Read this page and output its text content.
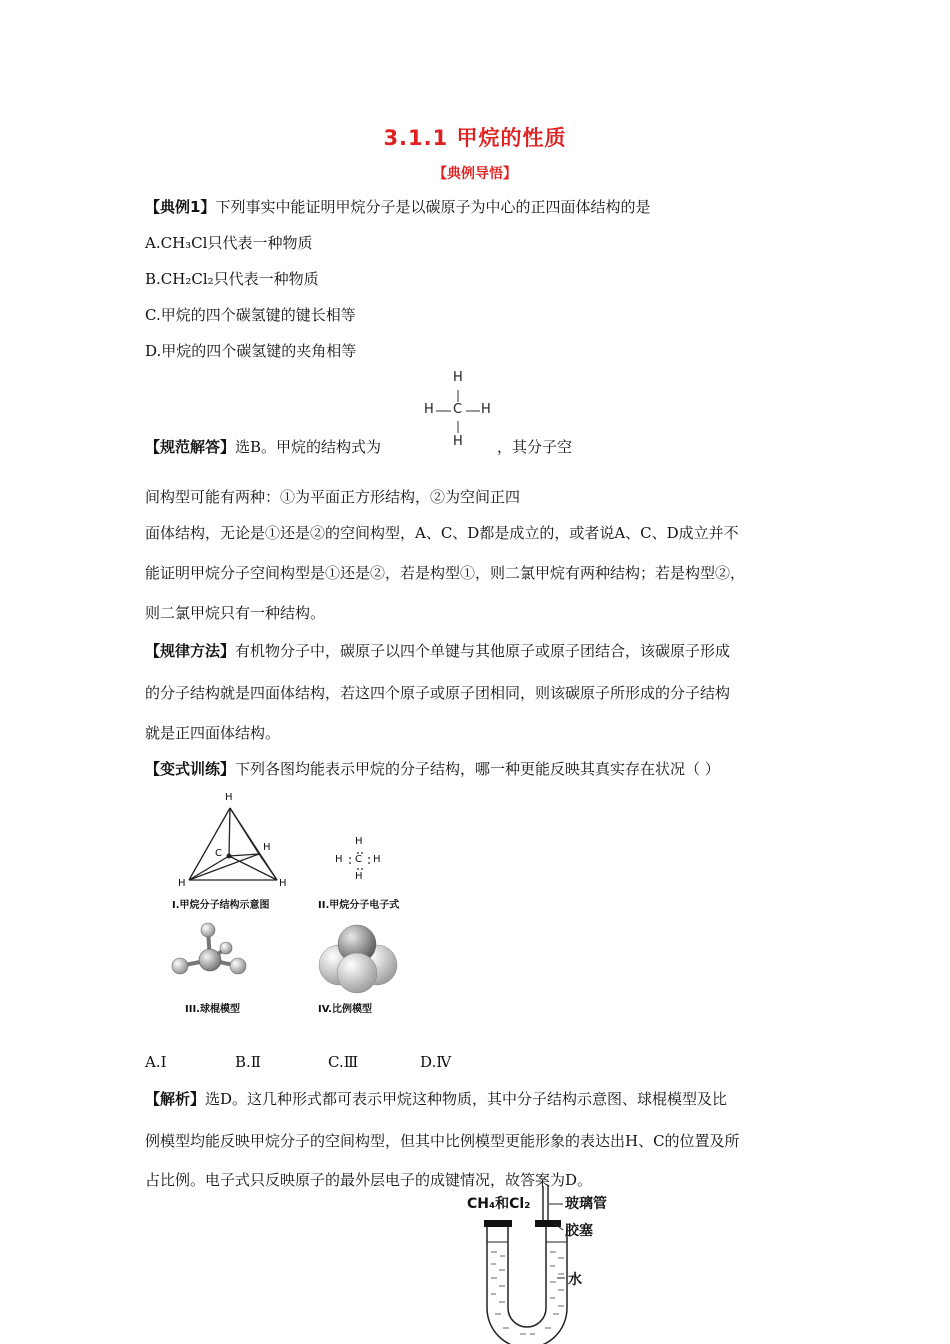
3.1.1 甲烷的性质
【典例导悟】
【典例1】下列事实中能证明甲烷分子是以碳原子为中心的正四面体结构的是
A.CH₃Cl只代表一种物质
B.CH₂Cl₂只代表一种物质
C.甲烷的四个碳氢键的键长相等
D.甲烷的四个碳氢键的夹角相等
H
H C H
H
【规范解答】选B。甲烷的结构式为	，其分子空
间构型可能有两种：①为平面正方形结构，②为空间正四
面体结构，无论是①还是②的空间构型，A、C、D都是成立的，或者说A、C、D成立并不
能证明甲烷分子空间构型是①还是②，若是构型①，则二氯甲烷有两种结构；若是构型②，
则二氯甲烷只有一种结构。
【规律方法】有机物分子中，碳原子以四个单键与其他原子或原子团结合，该碳原子形成
的分子结构就是四面体结构，若这四个原子或原子团相同，则该碳原子所形成的分子结构
就是正四面体结构。
【变式训练】下列各图均能表示甲烷的分子结构，哪一种更能反映其真实存在状况（ ）
H
C
H
H	H
I.甲烷分子结构示意图
H
H C H
H
II.甲烷分子电子式
III.球棍模型	IV.比例模型
A.Ⅰ	B.Ⅱ	C.Ⅲ	D.Ⅳ
【解析】选D。这几种形式都可表示甲烷这种物质，其中分子结构示意图、球棍模型及比
例模型均能反映甲烷分子的空间构型，但其中比例模型更能形象的表达出H、C的位置及所
占比例。电子式只反映原子的最外层电子的成键情况，故答案为D。
CH₄和Cl₂ 玻璃管
胶塞
水
